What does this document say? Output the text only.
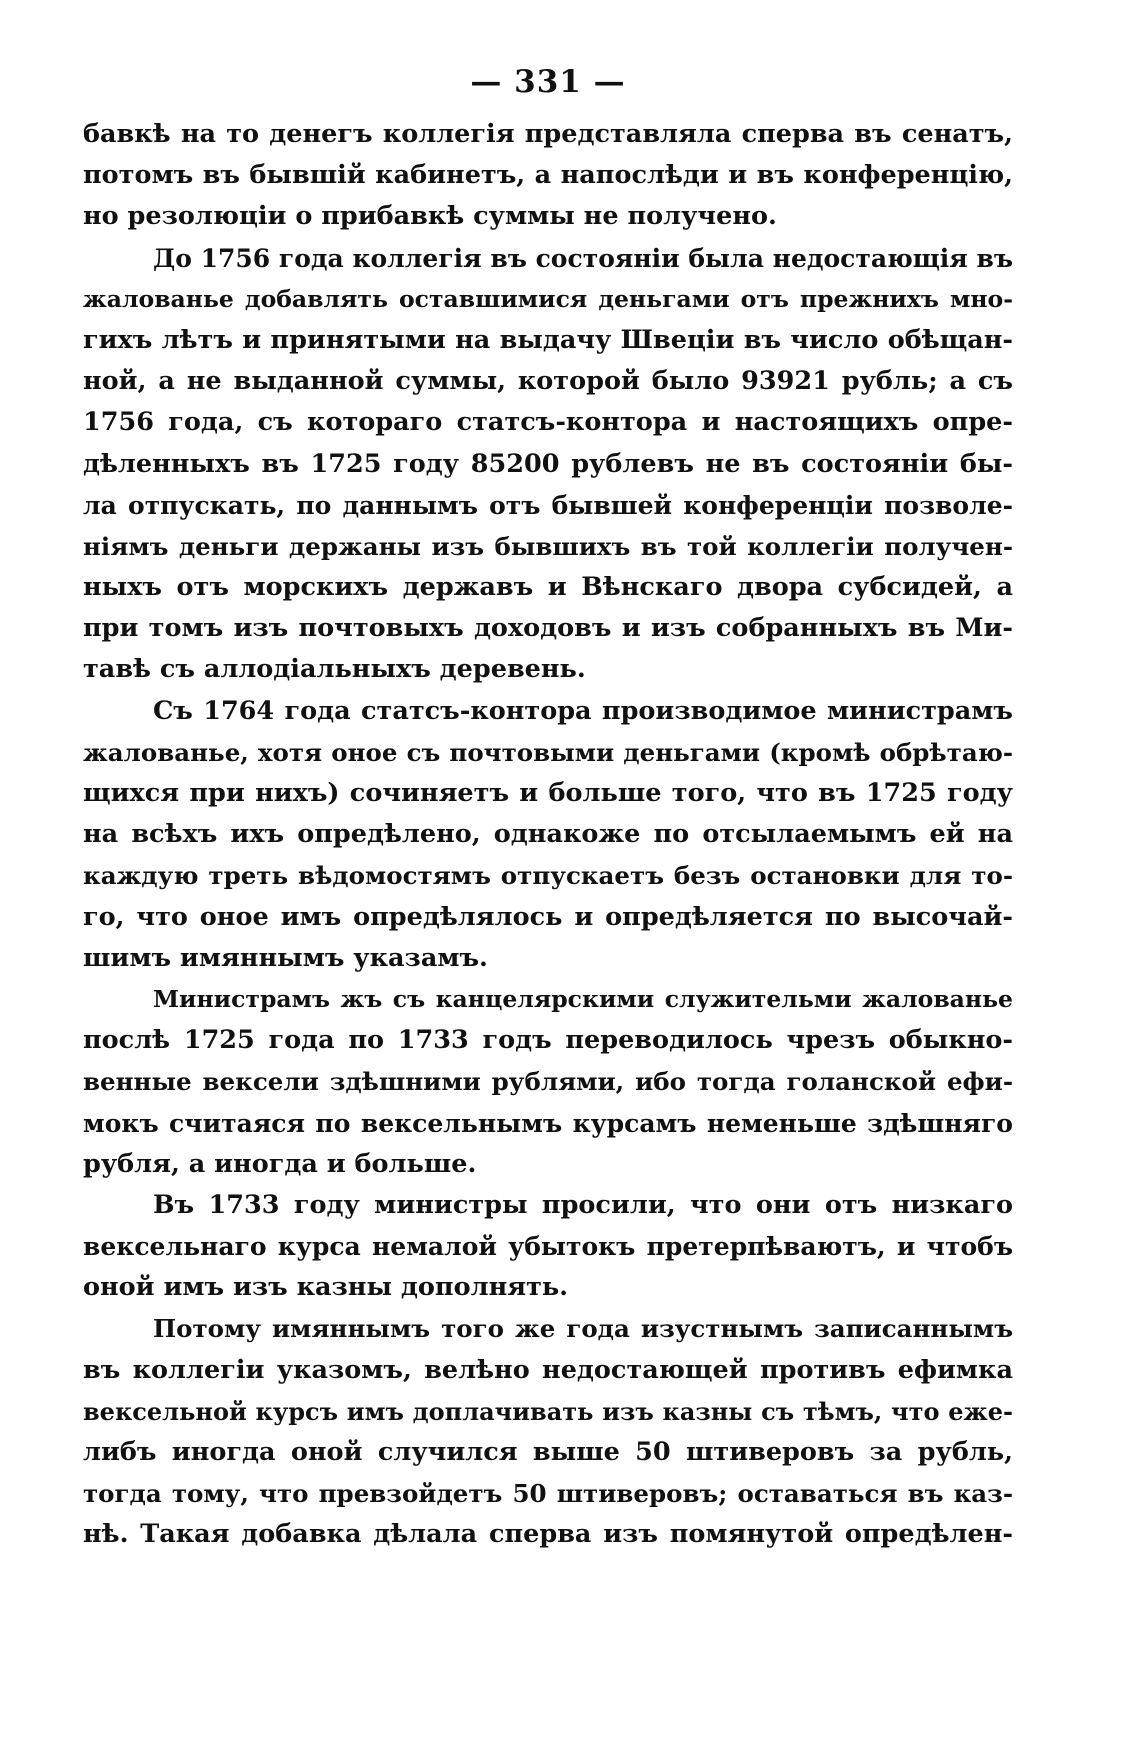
— 331 —
бавкѣ на то денегъ коллегія представляла сперва въ сенатъ,
потомъ въ бывшій кабинетъ, а напослѣди и въ конференцію,
но резолюціи о прибавкѣ суммы не получено.
До 1756 года коллегія въ состояніи была недостающія въ
жалованье добавлять оставшимися деньгами отъ прежнихъ мно-
гихъ лѣтъ и принятыми на выдачу Швеціи въ число обѣщан-
ной, а не выданной суммы, которой было 93921 рубль; а съ
1756 года, съ котораго статсъ-контора и настоящихъ опре-
дѣленныхъ въ 1725 году 85200 рублевъ не въ состояніи бы-
ла отпускать, по даннымъ отъ бывшей конференціи позволе-
ніямъ деньги держаны изъ бывшихъ въ той коллегіи получен-
ныхъ отъ морскихъ державъ и Вѣнскаго двора субсидей, а
при томъ изъ почтовыхъ доходовъ и изъ собранныхъ въ Ми-
тавѣ съ аллодіальныхъ деревень.
Съ 1764 года статсъ-контора производимое министрамъ
жалованье, хотя оное съ почтовыми деньгами (кромѣ обрѣтаю-
щихся при нихъ) сочиняетъ и больше того, что въ 1725 году
на всѣхъ ихъ опредѣлено, однакоже по отсылаемымъ ей на
каждую треть вѣдомостямъ отпускаетъ безъ остановки для то-
го, что оное имъ опредѣлялось и опредѣляется по высочай-
шимъ имяннымъ указамъ.
Министрамъ жъ съ канцелярскими служительми жалованье
послѣ 1725 года по 1733 годъ переводилось чрезъ обыкно-
венные вексели здѣшними рублями, ибо тогда голанской ефи-
мокъ считаяся по вексельнымъ курсамъ неменьше здѣшняго
рубля, а иногда и больше.
Въ 1733 году министры просили, что они отъ низкаго
вексельнаго курса немалой убытокъ претерпѣваютъ, и чтобъ
оной имъ изъ казны дополнять.
Потому имяннымъ того же года изустнымъ записаннымъ
въ коллегіи указомъ, велѣно недостающей противъ ефимка
вексельной курсъ имъ доплачивать изъ казны съ тѣмъ, что еже-
либъ иногда оной случился выше 50 штиверовъ за рубль,
тогда тому, что превзойдетъ 50 штиверовъ; оставаться въ каз-
нѣ. Такая добавка дѣлала сперва изъ помянутой опредѣлен-
